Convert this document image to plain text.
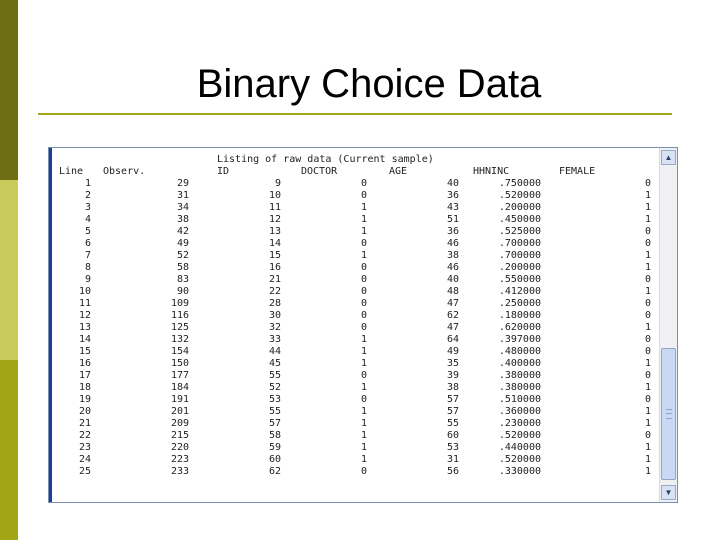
Binary Choice Data
Listing of raw data (Current sample)
Line	Observ.	ID	DOCTOR	AGE	HHNINC	FEMALE
1	29	9	0	40	.750000	0
2	31	10	0	36	.520000	1
3	34	11	1	43	.200000	1
4	38	12	1	51	.450000	1
5	42	13	1	36	.525000	0
6	49	14	0	46	.700000	0
7	52	15	1	38	.700000	1
8	58	16	0	46	.200000	1
9	83	21	0	40	.550000	0
10	90	22	0	48	.412000	1
11	109	28	0	47	.250000	0
12	116	30	0	62	.180000	0
13	125	32	0	47	.620000	1
14	132	33	1	64	.397000	0
15	154	44	1	49	.480000	0
16	150	45	1	35	.400000	1
17	177	55	0	39	.380000	0
18	184	52	1	38	.380000	1
19	191	53	0	57	.510000	0
20	201	55	1	57	.360000	1
21	209	57	1	55	.230000	1
22	215	58	1	60	.520000	0
23	220	59	1	53	.440000	1
24	223	60	1	31	.520000	1
25	233	62	0	56	.330000	1
▲
▼
